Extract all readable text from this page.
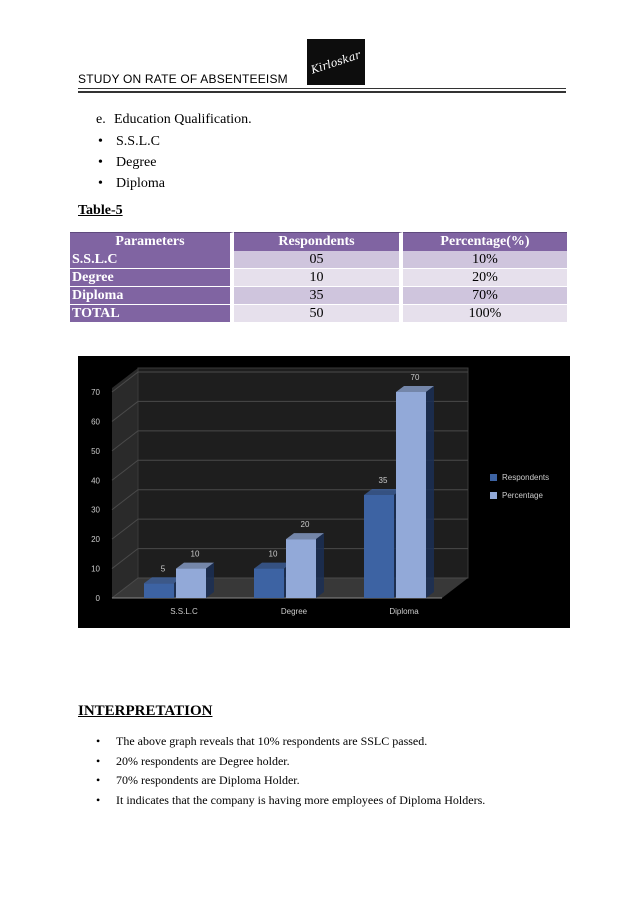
STUDY ON RATE OF ABSENTEEISM
Kirloskar
e. Education Qualification.
• S.S.L.C
• Degree
• Diploma
Table-5
Parameters	Respondents	Percentage(%)
S.S.L.C	05	10%
Degree	10	20%
Diploma	35	70%
TOTAL	50	100%
0
10
20
30
40
50
60
70
5
10
S.S.L.C
10
20
Degree
35
70
Diploma
Respondents
Percentage
INTERPRETATION
• The above graph reveals that 10% respondents are SSLC passed.
• 20% respondents are Degree holder.
• 70% respondents are Diploma Holder.
• It indicates that the company is having more employees of Diploma Holders.
